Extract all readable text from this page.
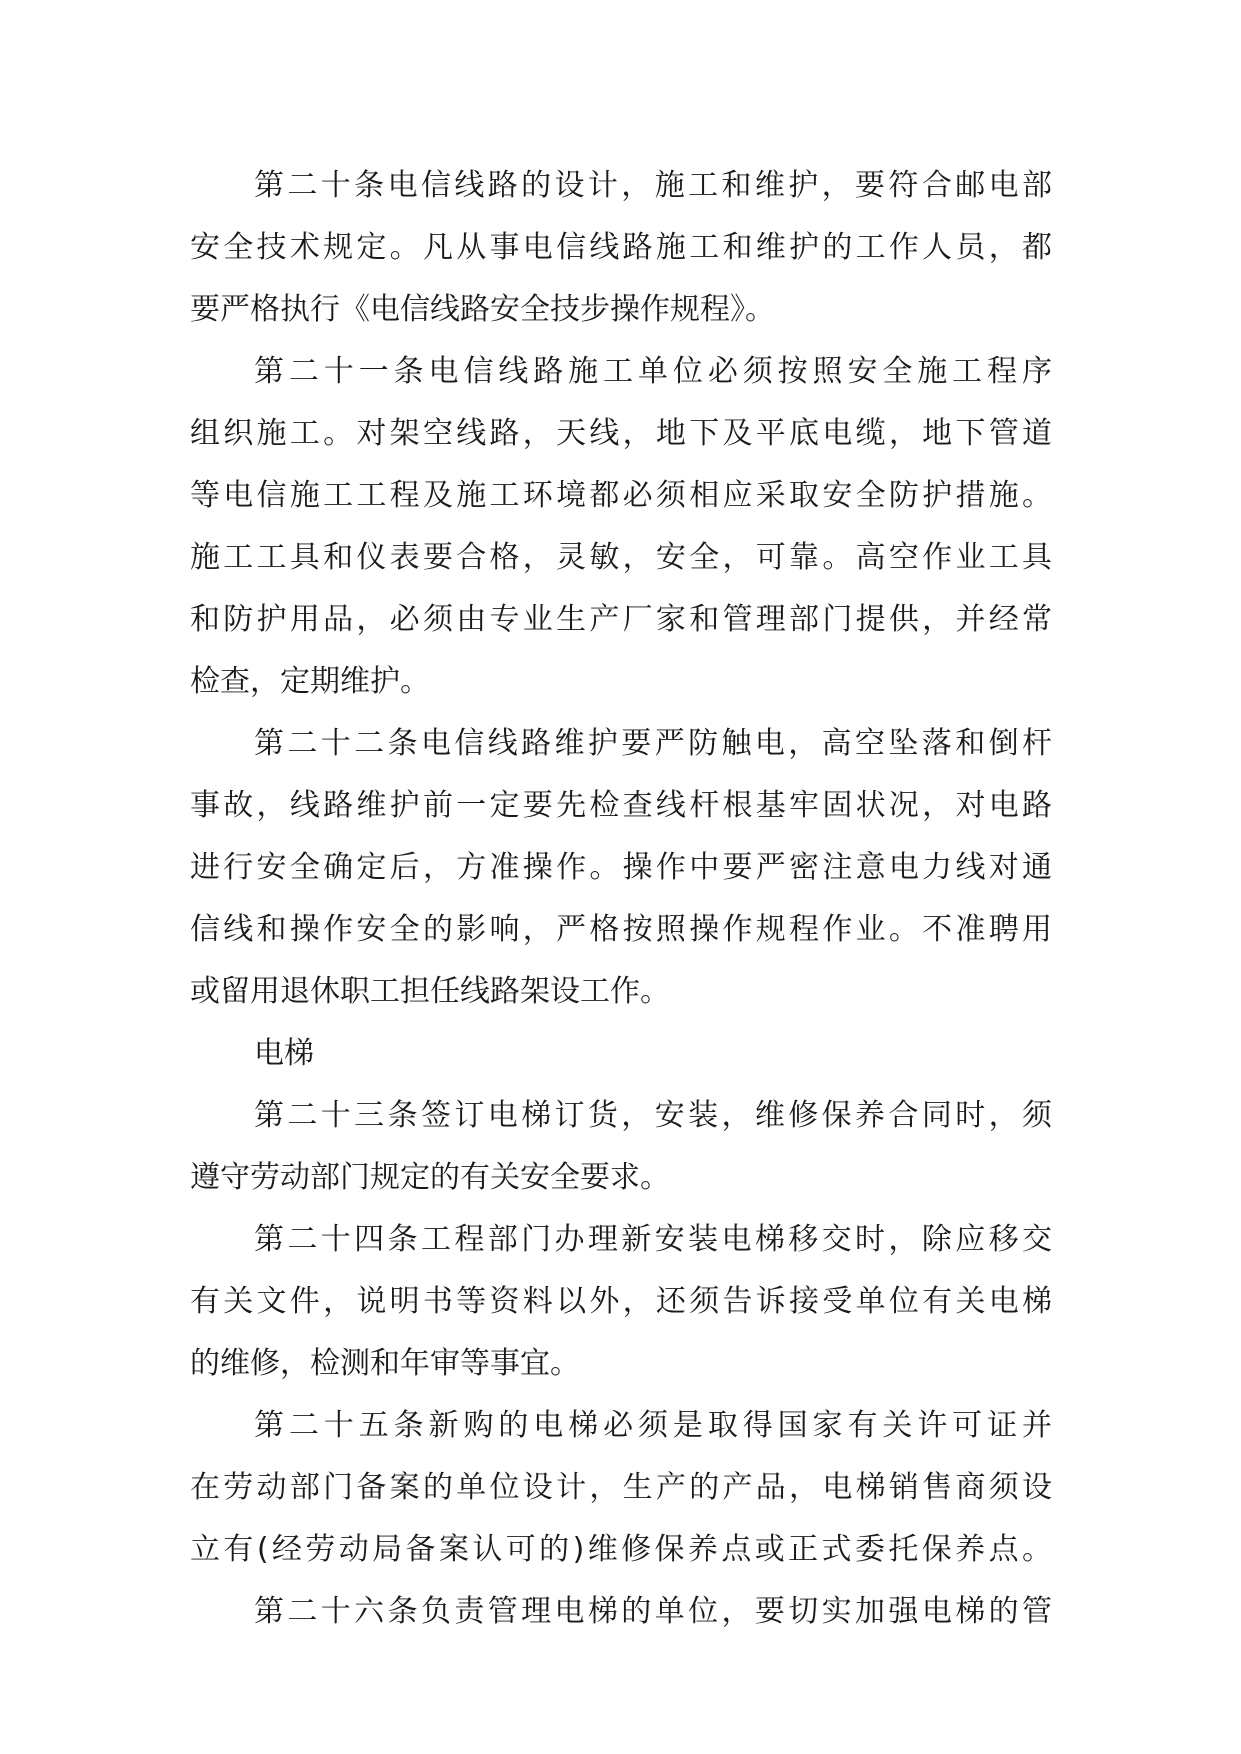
第二十条电信线路的设计，施工和维护，要符合邮电部
安全技术规定。凡从事电信线路施工和维护的工作人员，都
要严格执行《电信线路安全技步操作规程》。
第二十一条电信线路施工单位必须按照安全施工程序
组织施工。对架空线路，天线，地下及平底电缆，地下管道
等电信施工工程及施工环境都必须相应采取安全防护措施。
施工工具和仪表要合格，灵敏，安全，可靠。高空作业工具
和防护用品，必须由专业生产厂家和管理部门提供，并经常
检查，定期维护。
第二十二条电信线路维护要严防触电，高空坠落和倒杆
事故，线路维护前一定要先检查线杆根基牢固状况，对电路
进行安全确定后，方准操作。操作中要严密注意电力线对通
信线和操作安全的影响，严格按照操作规程作业。不准聘用
或留用退休职工担任线路架设工作。
电梯
第二十三条签订电梯订货，安装，维修保养合同时，须
遵守劳动部门规定的有关安全要求。
第二十四条工程部门办理新安装电梯移交时，除应移交
有关文件，说明书等资料以外，还须告诉接受单位有关电梯
的维修，检测和年审等事宜。
第二十五条新购的电梯必须是取得国家有关许可证并
在劳动部门备案的单位设计，生产的产品，电梯销售商须设
立有(经劳动局备案认可的)维修保养点或正式委托保养点。
第二十六条负责管理电梯的单位，要切实加强电梯的管
